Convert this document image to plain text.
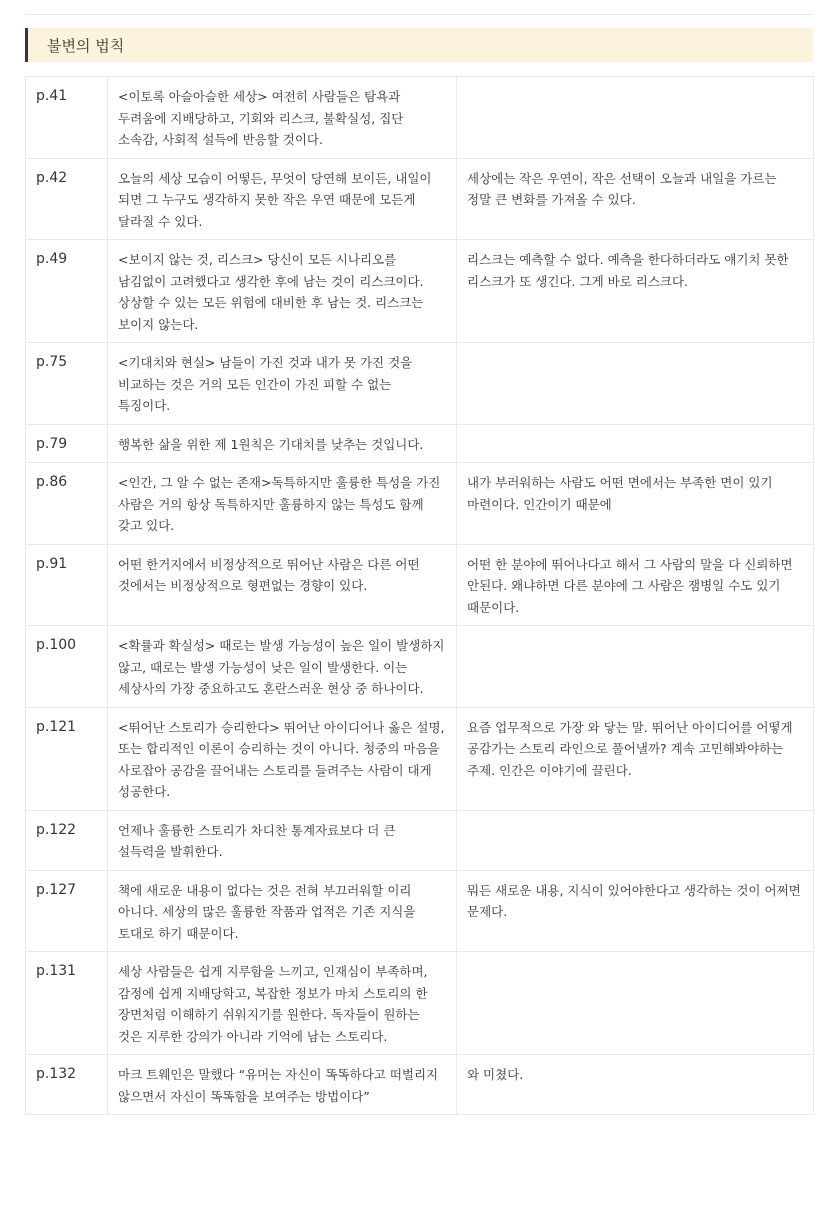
불변의 법칙
p.41	<이토록 아슬아슬한 세상> 여전히 사람들은 탐욕과 두려움에 지배당하고, 기회와 리스크, 불확실성, 집단 소속감, 사회적 설득에 반응할 것이다.	
p.42	오늘의 세상 모습이 어떻든, 무엇이 당연해 보이든, 내일이 되면 그 누구도 생각하지 못한 작은 우연 때문에 모든게 달라질 수 있다.	세상에는 작은 우연이, 작은 선택이 오늘과 내일을 가르는 정말 큰 변화를 가져올 수 있다.
p.49	<보이지 않는 것, 리스크> 당신이 모든 시나리오를 남김없이 고려했다고 생각한 후에 남는 것이 리스크이다. 상상할 수 있는 모든 위험에 대비한 후 남는 것. 리스크는 보이지 않는다.	리스크는 예측할 수 없다. 예측을 한다하더라도 얘기치 못한 리스크가 또 생긴다. 그게 바로 리스크다.
p.75	<기대치와 현실> 남들이 가진 것과 내가 못 가진 것을 비교하는 것은 거의 모든 인간이 가진 피할 수 없는 특징이다.	
p.79	행복한 삶을 위한 제 1원칙은 기대치를 낮추는 것입니다.	
p.86	<인간, 그 알 수 없는 존재>독특하지만 훌륭한 특성을 가진 사람은 거의 항상 독특하지만 훌륭하지 않는 특성도 함께 갖고 있다.	내가 부러워하는 사람도 어떤 면에서는 부족한 면이 있기 마련이다. 인간이기 때문에
p.91	어떤 한거지에서 비정상적으로 뛰어난 사람은 다른 어떤 것에서는 비정상적으로 형편없는 경향이 있다.	어떤 한 분야에 뛰어나다고 해서 그 사람의 말을 다 신뢰하면 안된다. 왜냐하면 다른 분야에 그 사람은 잼병일 수도 있기 때문이다.
p.100	<확률과 확실성> 때로는 발생 가능성이 높은 일이 발생하지 않고, 때로는 발생 가능성이 낮은 일이 발생한다. 이는 세상사의 가장 중요하고도 혼란스러운 현상 중 하나이다.	
p.121	<뛰어난 스토리가 승리한다> 뛰어난 아이디어나 옳은 설명, 또는 합리적인 이론이 승리하는 것이 아니다. 청중의 마음을 사로잡아 공감을 끌어내는 스토리를 들려주는 사람이 대게 성공한다.	요즘 업무적으로 가장 와 닿는 말. 뛰어난 아이디어를 어떻게 공감가는 스토리 라인으로 풀어낼까? 계속 고민해봐야하는 주제. 인간은 이야기에 끌린다.
p.122	언제나 훌륭한 스토리가 차디찬 통계자료보다 더 큰 설득력을 발휘한다.	
p.127	책에 새로운 내용이 없다는 것은 전혀 부끄러워할 이리 아니다. 세상의 많은 훌륭한 작품과 업적은 기존 지식을 토대로 하기 때문이다.	뭐든 새로운 내용, 지식이 있어야한다고 생각하는 것이 어쩌면 문제다.
p.131	세상 사람들은 쉽게 지루함을 느끼고, 인재심이 부족하며, 감정에 쉽게 지배당학고, 복잡한 정보가 마치 스토리의 한 장면처럼 이해하기 쉬워지기를 원한다. 독자들이 원하는 것은 지루한 강의가 아니라 기억에 남는 스토리다.	
p.132	마크 트웨인은 말했다 “유머는 자신이 똑똑하다고 떠벌리지 않으면서 자신이 똑똑함을 보여주는 방법이다”	와 미쳤다.
